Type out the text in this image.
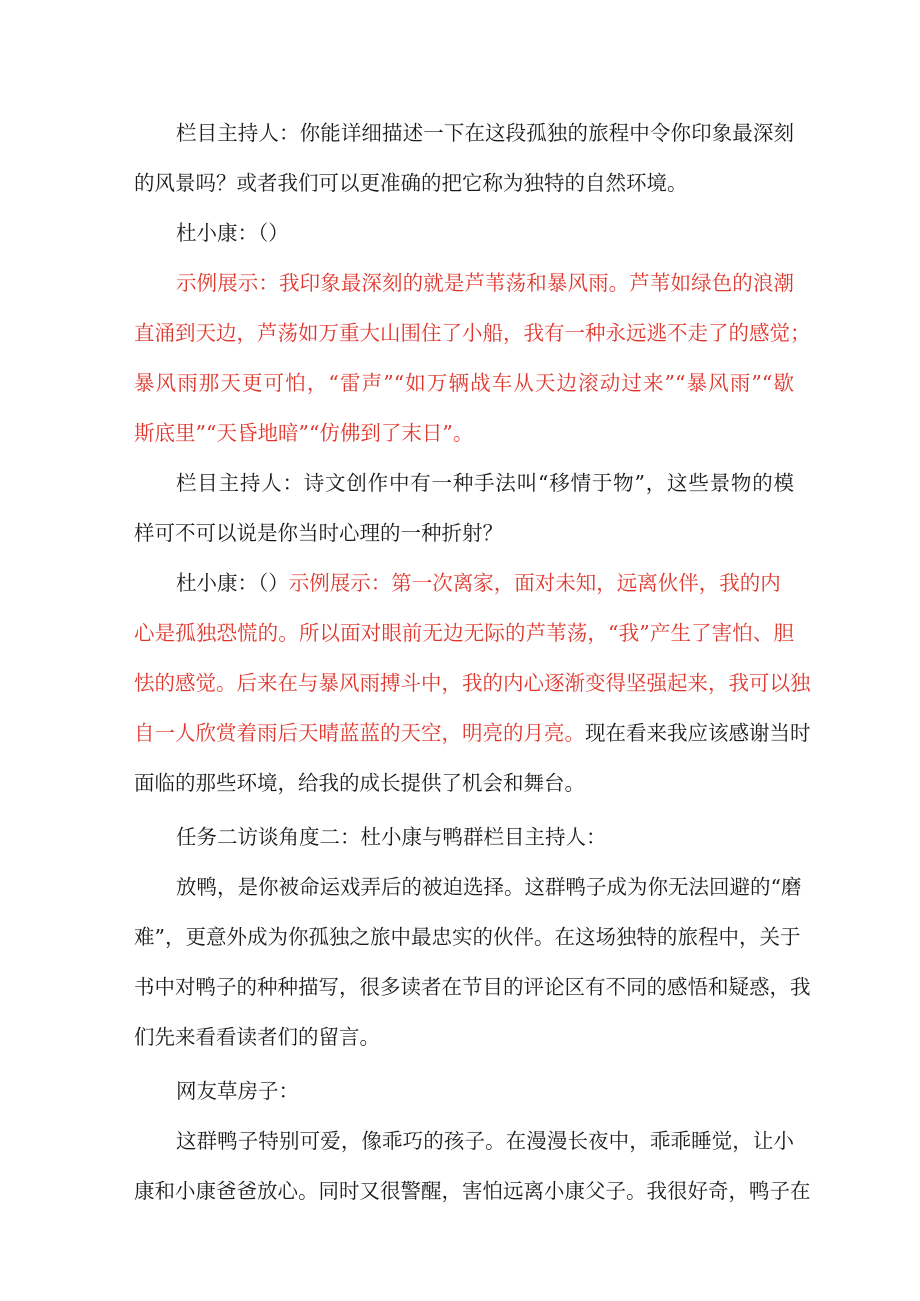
栏目主持人：你能详细描述一下在这段孤独的旅程中令你印象最深刻
的风景吗？或者我们可以更准确的把它称为独特的自然环境。
杜小康：（）
示例展示：我印象最深刻的就是芦苇荡和暴风雨。芦苇如绿色的浪潮
直涌到天边，芦荡如万重大山围住了小船，我有一种永远逃不走了的感觉；
暴风雨那天更可怕，“雷声”“如万辆战车从天边滚动过来”“暴风雨”“歇
斯底里”“天昏地暗”“仿佛到了末日”。
栏目主持人：诗文创作中有一种手法叫“移情于物”，这些景物的模
样可不可以说是你当时心理的一种折射？
杜小康：（）示例展示：第一次离家，面对未知，远离伙伴，我的内
心是孤独恐慌的。所以面对眼前无边无际的芦苇荡，“我”产生了害怕、胆
怯的感觉。后来在与暴风雨搏斗中，我的内心逐渐变得坚强起来，我可以独
自一人欣赏着雨后天晴蓝蓝的天空，明亮的月亮。现在看来我应该感谢当时
面临的那些环境，给我的成长提供了机会和舞台。
任务二访谈角度二：杜小康与鸭群栏目主持人：
放鸭，是你被命运戏弄后的被迫选择。这群鸭子成为你无法回避的“磨
难”，更意外成为你孤独之旅中最忠实的伙伴。在这场独特的旅程中，关于
书中对鸭子的种种描写，很多读者在节目的评论区有不同的感悟和疑惑，我
们先来看看读者们的留言。
网友草房子：
这群鸭子特别可爱，像乖巧的孩子。在漫漫长夜中，乖乖睡觉，让小
康和小康爸爸放心。同时又很警醒，害怕远离小康父子。我很好奇，鸭子在
